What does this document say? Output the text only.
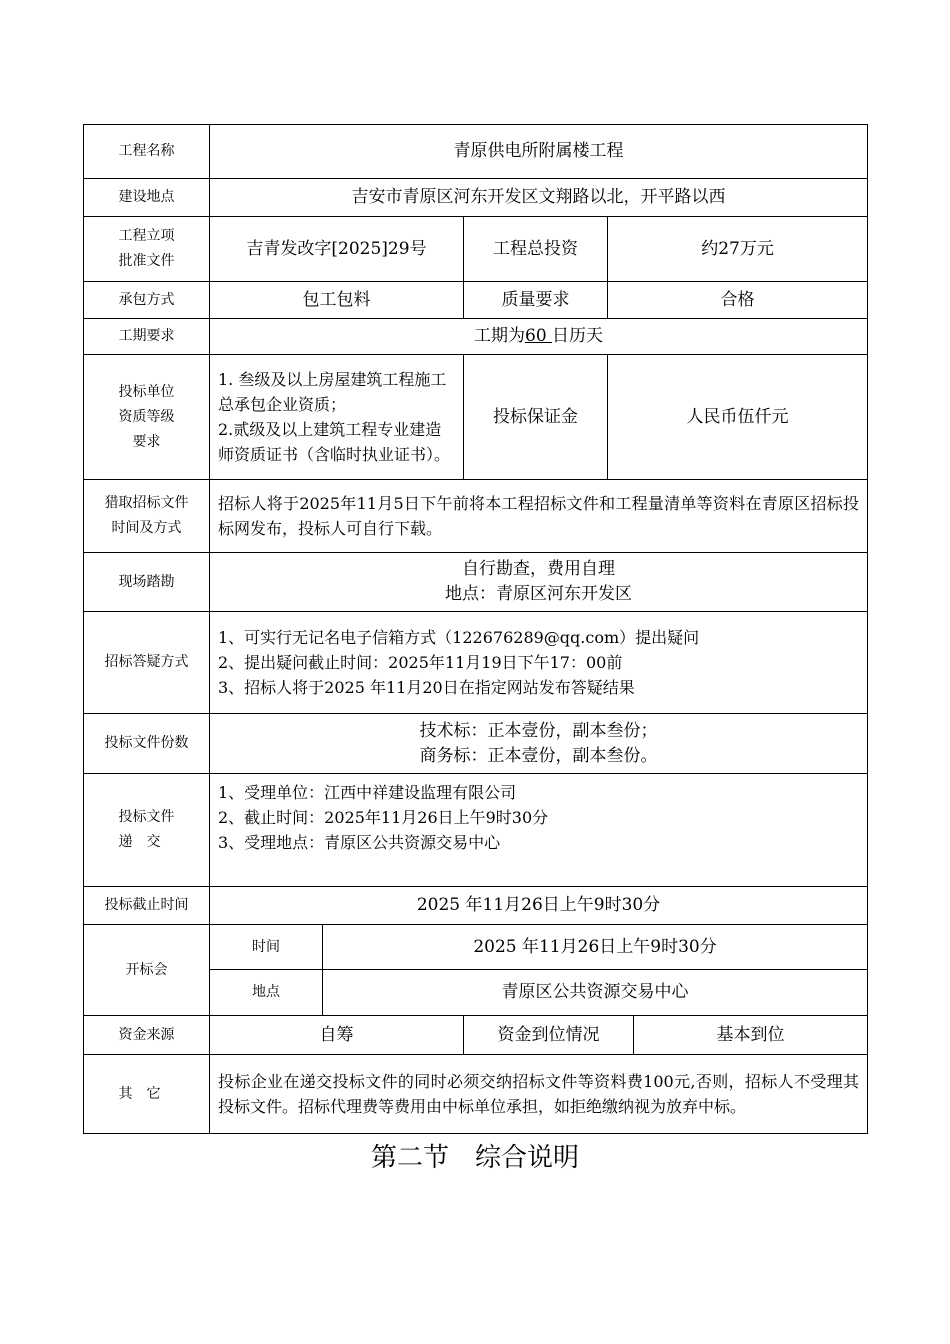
工程名称	青原供电所附属楼工程				
建设地点	吉安市青原区河东开发区文翔路以北，开平路以西				

工程立项
批准文件	吉青发改字[2025]29号		工程总投资	约27万元	
承包方式	包工包料		质量要求	合格	
工期要求	工期为60 日历天				

投标单位
资质等级
要求	1. 叁级及以上房屋建筑工程施工总承包企业资质；
2.贰级及以上建筑工程专业建造师资质证书（含临时执业证书）。		投标保证金	人民币伍仟元	

猎取招标文件
时间及方式	招标人将于2025年11月5日下午前将本工程招标文件和工程量清单等资料在青原区招标投标网发布，投标人可自行下载。				
现场踏勘	自行勘查，费用自理
地点：青原区河东开发区				

招标答疑方式	1、可实行无记名电子信箱方式（122676289@qq.com）提出疑问
2、提出疑问截止时间：2025年11月19日下午17：00前
3、招标人将于2025 年11月20日在指定网站发布答疑结果				

投标文件份数	技术标：正本壹份，副本叁份；
商务标：正本壹份，副本叁份。				

投标文件
递交	1、受理单位：江西中祥建设监理有限公司
2、截止时间：2025年11月26日上午9时30分
3、受理地点：青原区公共资源交易中心				

投标截止时间	2025 年11月26日上午9时30分				
开标会	时间	2025 年11月26日上午9时30分			
	地点	青原区公共资源交易中心			
资金来源	自筹		资金到位情况		基本到位
其它	投标企业在递交投标文件的同时必须交纳招标文件等资料费100元,否则，招标人不受理其投标文件。招标代理费等费用由中标单位承担，如拒绝缴纳视为放弃中标。				
第二节　综合说明
